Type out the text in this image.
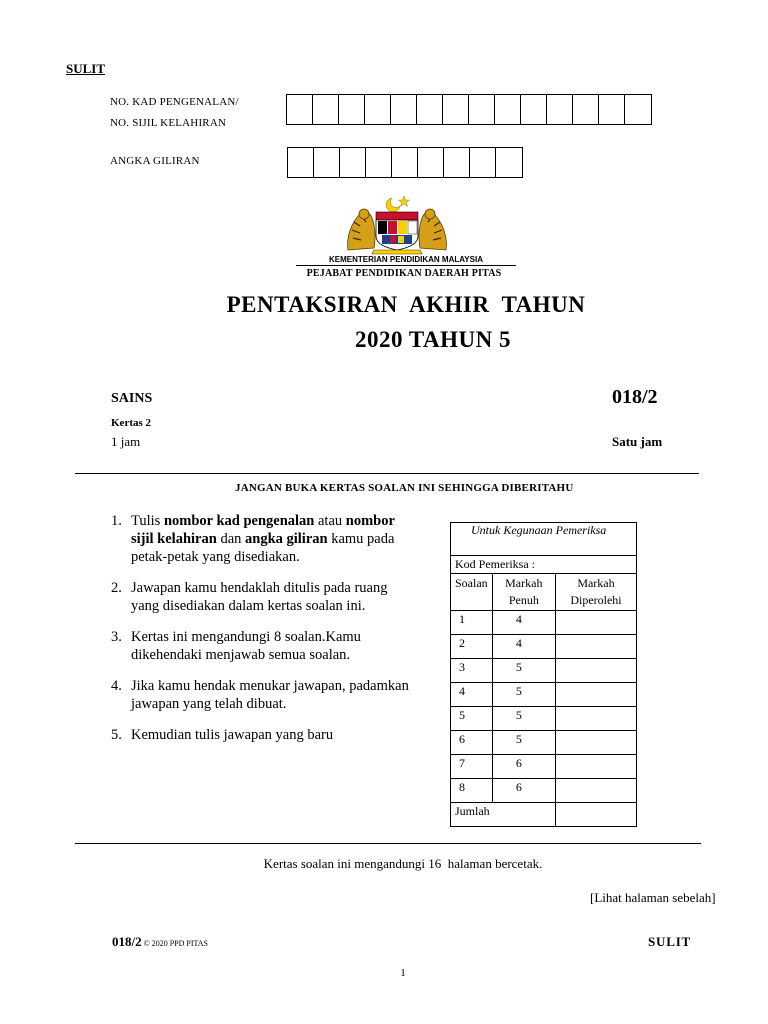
SULIT
NO. KAD PENGENALAN/
NO. SIJIL KELAHIRAN
ANGKA GILIRAN
KEMENTERIAN PENDIDIKAN MALAYSIA
PEJABAT PENDIDIKAN DAERAH PITAS
PENTAKSIRAN  AKHIR  TAHUN
2020 TAHUN 5
SAINS	018/2
Kertas 2
1 jam	Satu jam
JANGAN BUKA KERTAS SOALAN INI SEHINGGA DIBERITAHU
1. Tulis nombor kad pengenalan atau nombor sijil kelahiran dan angka giliran kamu pada petak-petak yang disediakan.
2. Jawapan kamu hendaklah ditulis pada ruang yang disediakan dalam kertas soalan ini.
3. Kertas ini mengandungi 8 soalan.Kamu dikehendaki menjawab semua soalan.
4. Jika kamu hendak menukar jawapan, padamkan jawapan yang telah dibuat.
5. Kemudian tulis jawapan yang baru
Untuk Kegunaan Pemeriksa		
Kod Pemeriksa :		
Soalan	Markah Penuh	Markah Diperolehi
1	4	
2	4	
3	5	
4	5	
5	5	
6	5	
7	6	
8	6	
Jumlah		
Kertas soalan ini mengandungi 16  halaman bercetak.
[Lihat halaman sebelah]
018/2 © 2020 PPD PITAS	SULIT
1
